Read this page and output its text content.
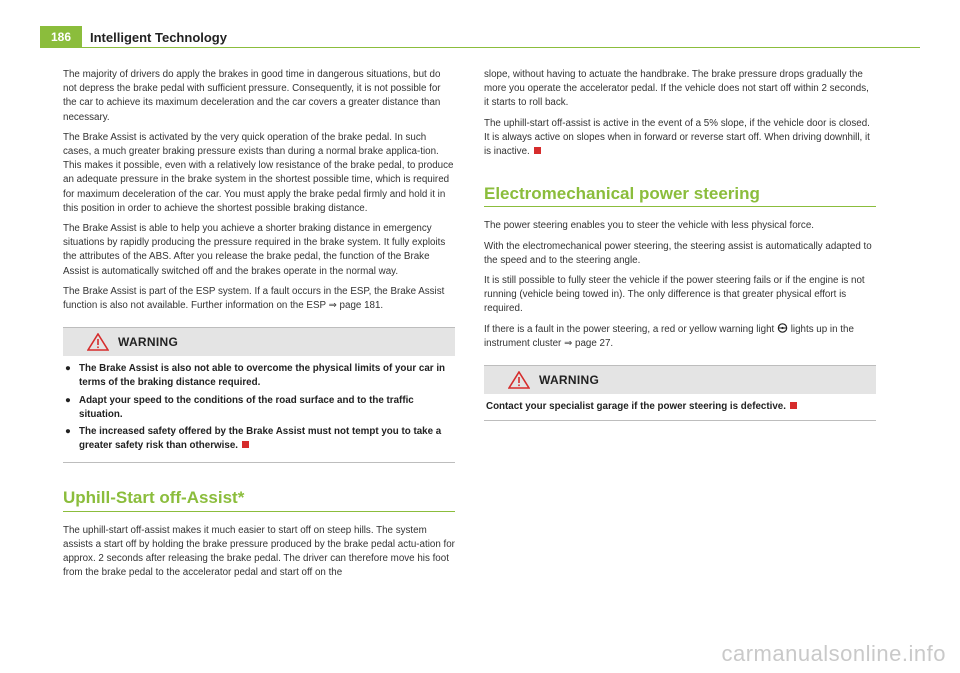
186	Intelligent Technology

The majority of drivers do apply the brakes in good time in dangerous situations, but do not depress the brake pedal with sufficient pressure. Consequently, it is not possible for the car to achieve its maximum deceleration and the car covers a greater distance than necessary.

The Brake Assist is activated by the very quick operation of the brake pedal. In such cases, a much greater braking pressure exists than during a normal brake applica-tion. This makes it possible, even with a relatively low resistance of the brake pedal, to produce an adequate pressure in the brake system in the shortest possible time, which is required for maximum deceleration of the car. You must apply the brake pedal firmly and hold it in this position in order to achieve the shortest possible braking distance.

The Brake Assist is able to help you achieve a shorter braking distance in emergency situations by rapidly producing the pressure required in the brake system. It fully exploits the attributes of the ABS. After you release the brake pedal, the function of the Brake Assist is automatically switched off and the brakes operate in the normal way.

The Brake Assist is part of the ESP system. If a fault occurs in the ESP, the Brake Assist function is also not available. Further information on the ESP ⇒ page 181.

WARNING
● The Brake Assist is also not able to overcome the physical limits of your car in terms of the braking distance required.
● Adapt your speed to the conditions of the road surface and to the traffic situation.
● The increased safety offered by the Brake Assist must not tempt you to take a greater safety risk than otherwise.
Uphill-Start off-Assist*

The uphill-start off-assist makes it much easier to start off on steep hills. The system assists a start off by holding the brake pressure produced by the brake pedal actu-ation for approx. 2 seconds after releasing the brake pedal. The driver can therefore move his foot from the brake pedal to the accelerator pedal and start off on the

slope, without having to actuate the handbrake. The brake pressure drops gradually the more you operate the accelerator pedal. If the vehicle does not start off within 2 seconds, it starts to roll back.

The uphill-start off-assist is active in the event of a 5% slope, if the vehicle door is closed. It is always active on slopes when in forward or reverse start off. When driving downhill, it is inactive.

Electromechanical power steering

The power steering enables you to steer the vehicle with less physical force.

With the electromechanical power steering, the steering assist is automatically adapted to the speed and to the steering angle.

It is still possible to fully steer the vehicle if the power steering fails or if the engine is not running (vehicle being towed in). The only difference is that greater physical effort is required.

If there is a fault in the power steering, a red or yellow warning light lights up in the instrument cluster ⇒ page 27.

WARNING
Contact your specialist garage if the power steering is defective.
carmanualsonline.info
